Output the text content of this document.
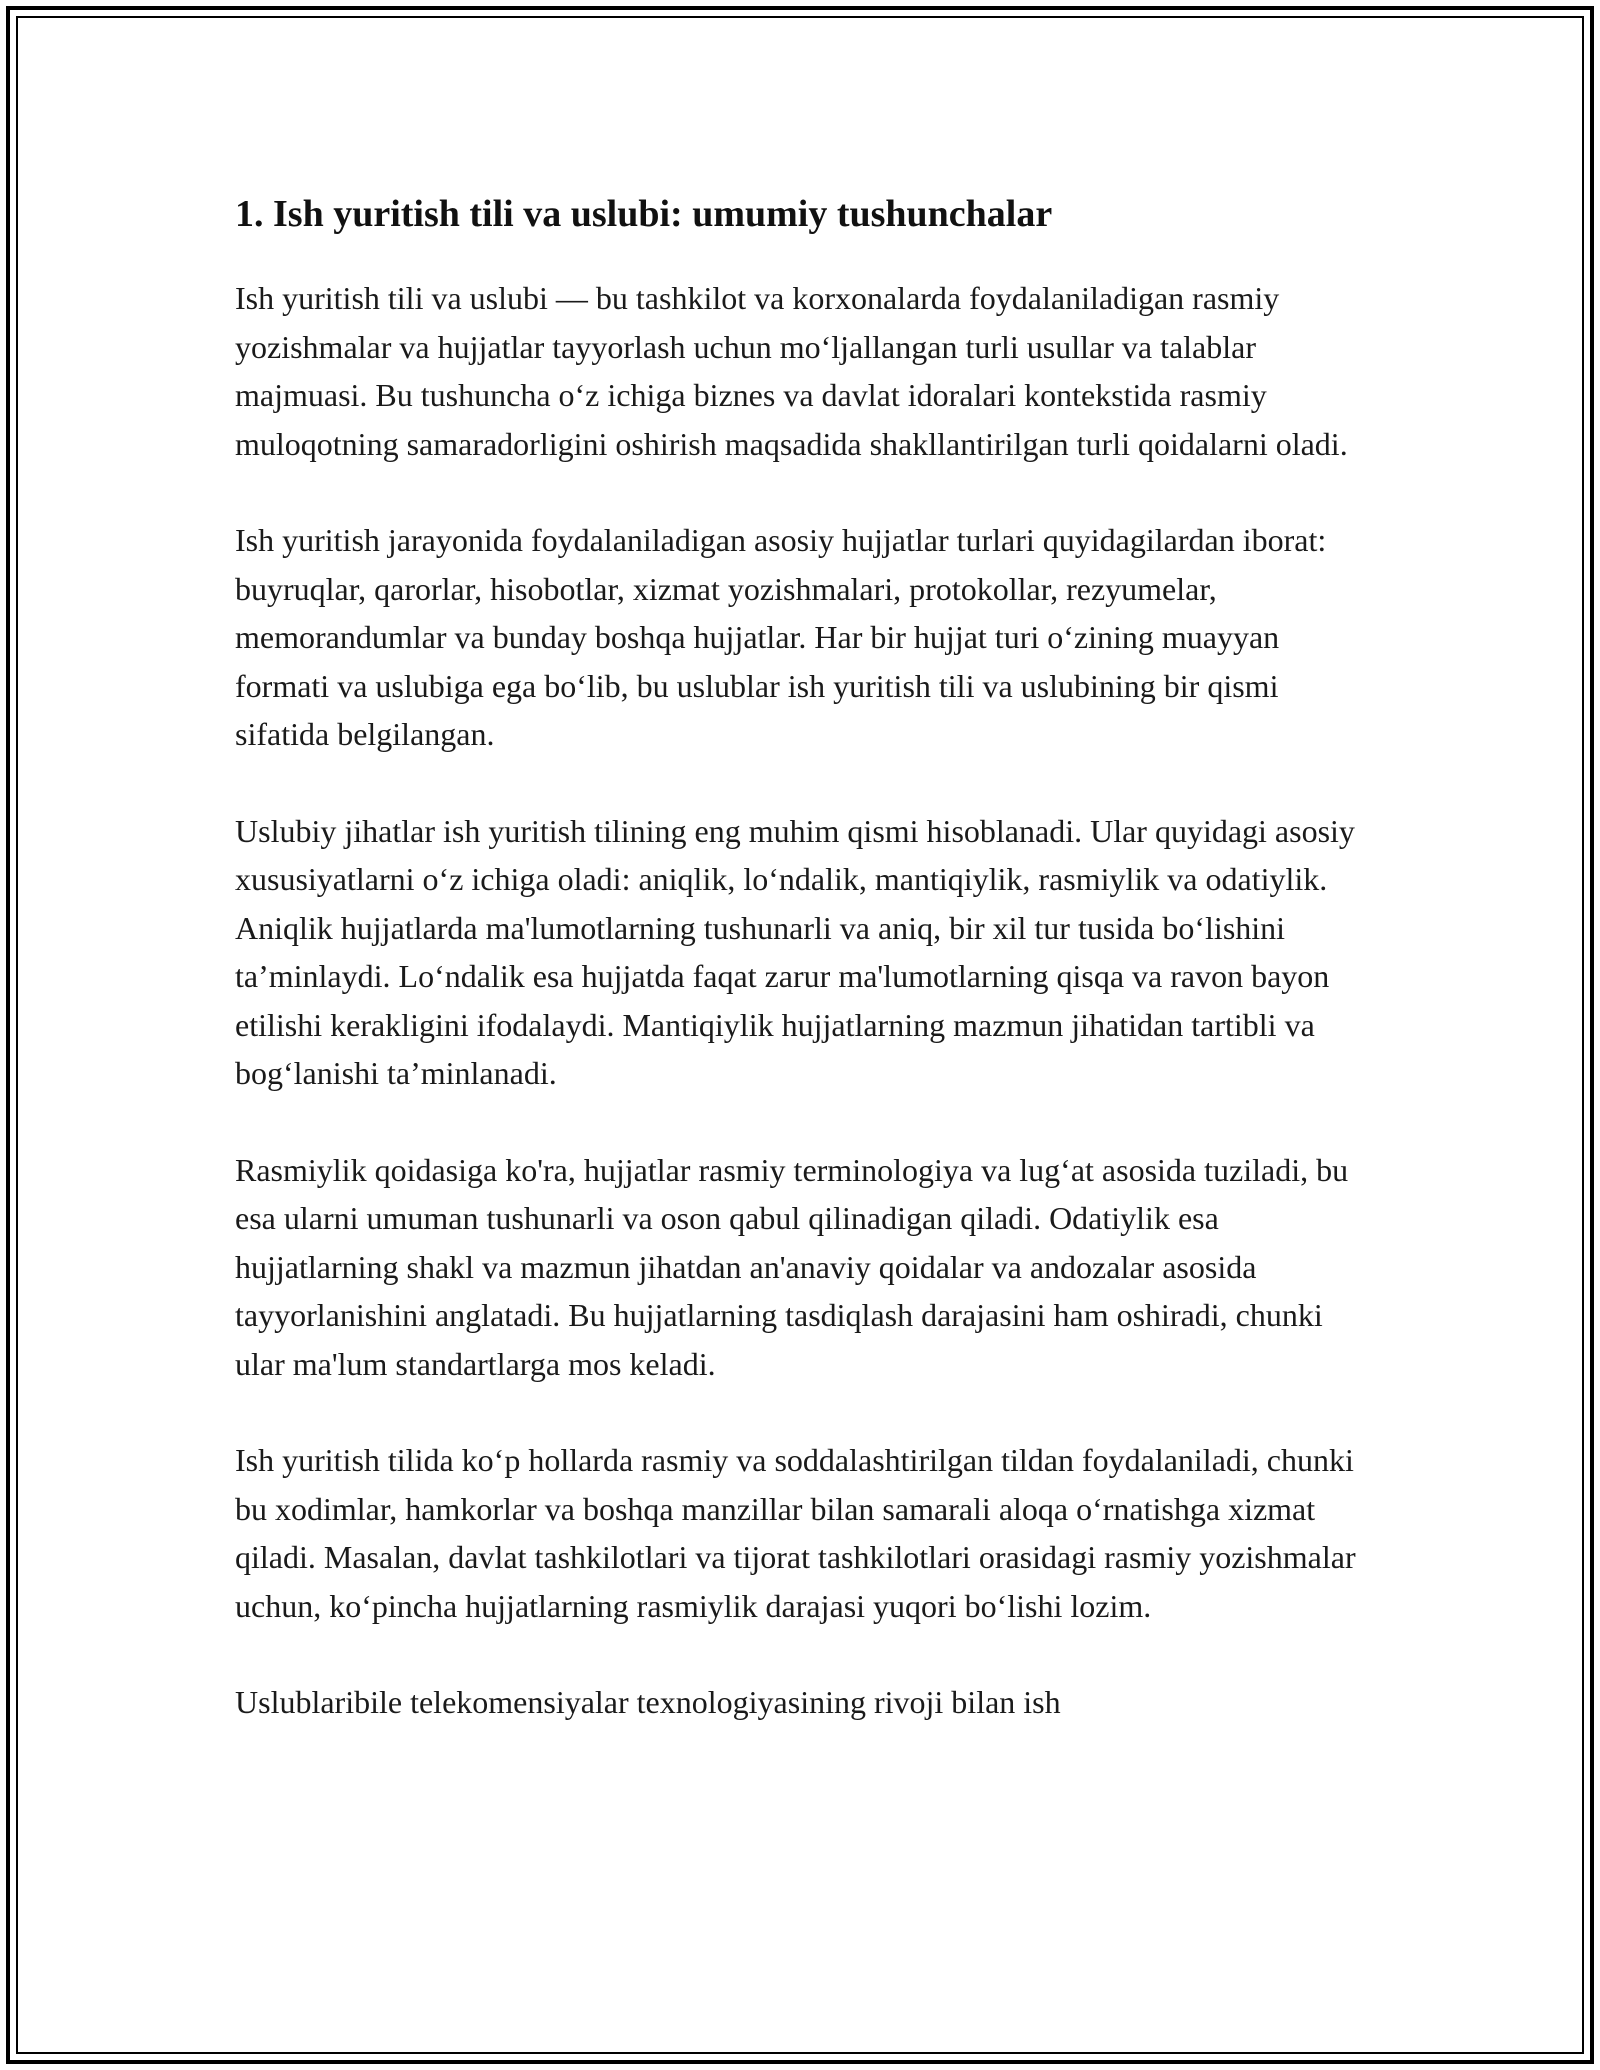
1. Ish yuritish tili va uslubi: umumiy tushunchalar

Ish yuritish tili va uslubi — bu tashkilot va korxonalarda foydalaniladigan rasmiy yozishmalar va hujjatlar tayyorlash uchun moʻljallangan turli usullar va talablar majmuasi. Bu tushuncha oʻz ichiga biznes va davlat idoralari kontekstida rasmiy muloqotning samaradorligini oshirish maqsadida shakllantirilgan turli qoidalarni oladi.

Ish yuritish jarayonida foydalaniladigan asosiy hujjatlar turlari quyidagilardan iborat: buyruqlar, qarorlar, hisobotlar, xizmat yozishmalari, protokollar, rezyumelar, memorandumlar va bunday boshqa hujjatlar. Har bir hujjat turi oʻzining muayyan formati va uslubiga ega boʻlib, bu uslublar ish yuritish tili va uslubining bir qismi sifatida belgilangan.

Uslubiy jihatlar ish yuritish tilining eng muhim qismi hisoblanadi. Ular quyidagi asosiy xususiyatlarni oʻz ichiga oladi: aniqlik, loʻndalik, mantiqiylik, rasmiylik va odatiylik. Aniqlik hujjatlarda ma'lumotlarning tushunarli va aniq, bir xil tur tusida boʻlishini taʼminlaydi. Loʻndalik esa hujjatda faqat zarur ma'lumotlarning qisqa va ravon bayon etilishi kerakligini ifodalaydi. Mantiqiylik hujjatlarning mazmun jihatidan tartibli va bogʻlanishi taʼminlanadi.

Rasmiylik qoidasiga ko'ra, hujjatlar rasmiy terminologiya va lugʻat asosida tuziladi, bu esa ularni umuman tushunarli va oson qabul qilinadigan qiladi. Odatiylik esa hujjatlarning shakl va mazmun jihatdan an'anaviy qoidalar va andozalar asosida tayyorlanishini anglatadi. Bu hujjatlarning tasdiqlash darajasini ham oshiradi, chunki ular ma'lum standartlarga mos keladi.

Ish yuritish tilida koʻp hollarda rasmiy va soddalashtirilgan tildan foydalaniladi, chunki bu xodimlar, hamkorlar va boshqa manzillar bilan samarali aloqa oʻrnatishga xizmat qiladi. Masalan, davlat tashkilotlari va tijorat tashkilotlari orasidagi rasmiy yozishmalar uchun, koʻpincha hujjatlarning rasmiylik darajasi yuqori boʻlishi lozim.

Uslublaribile telekomensiyalar texnologiyasining rivoji bilan ish
